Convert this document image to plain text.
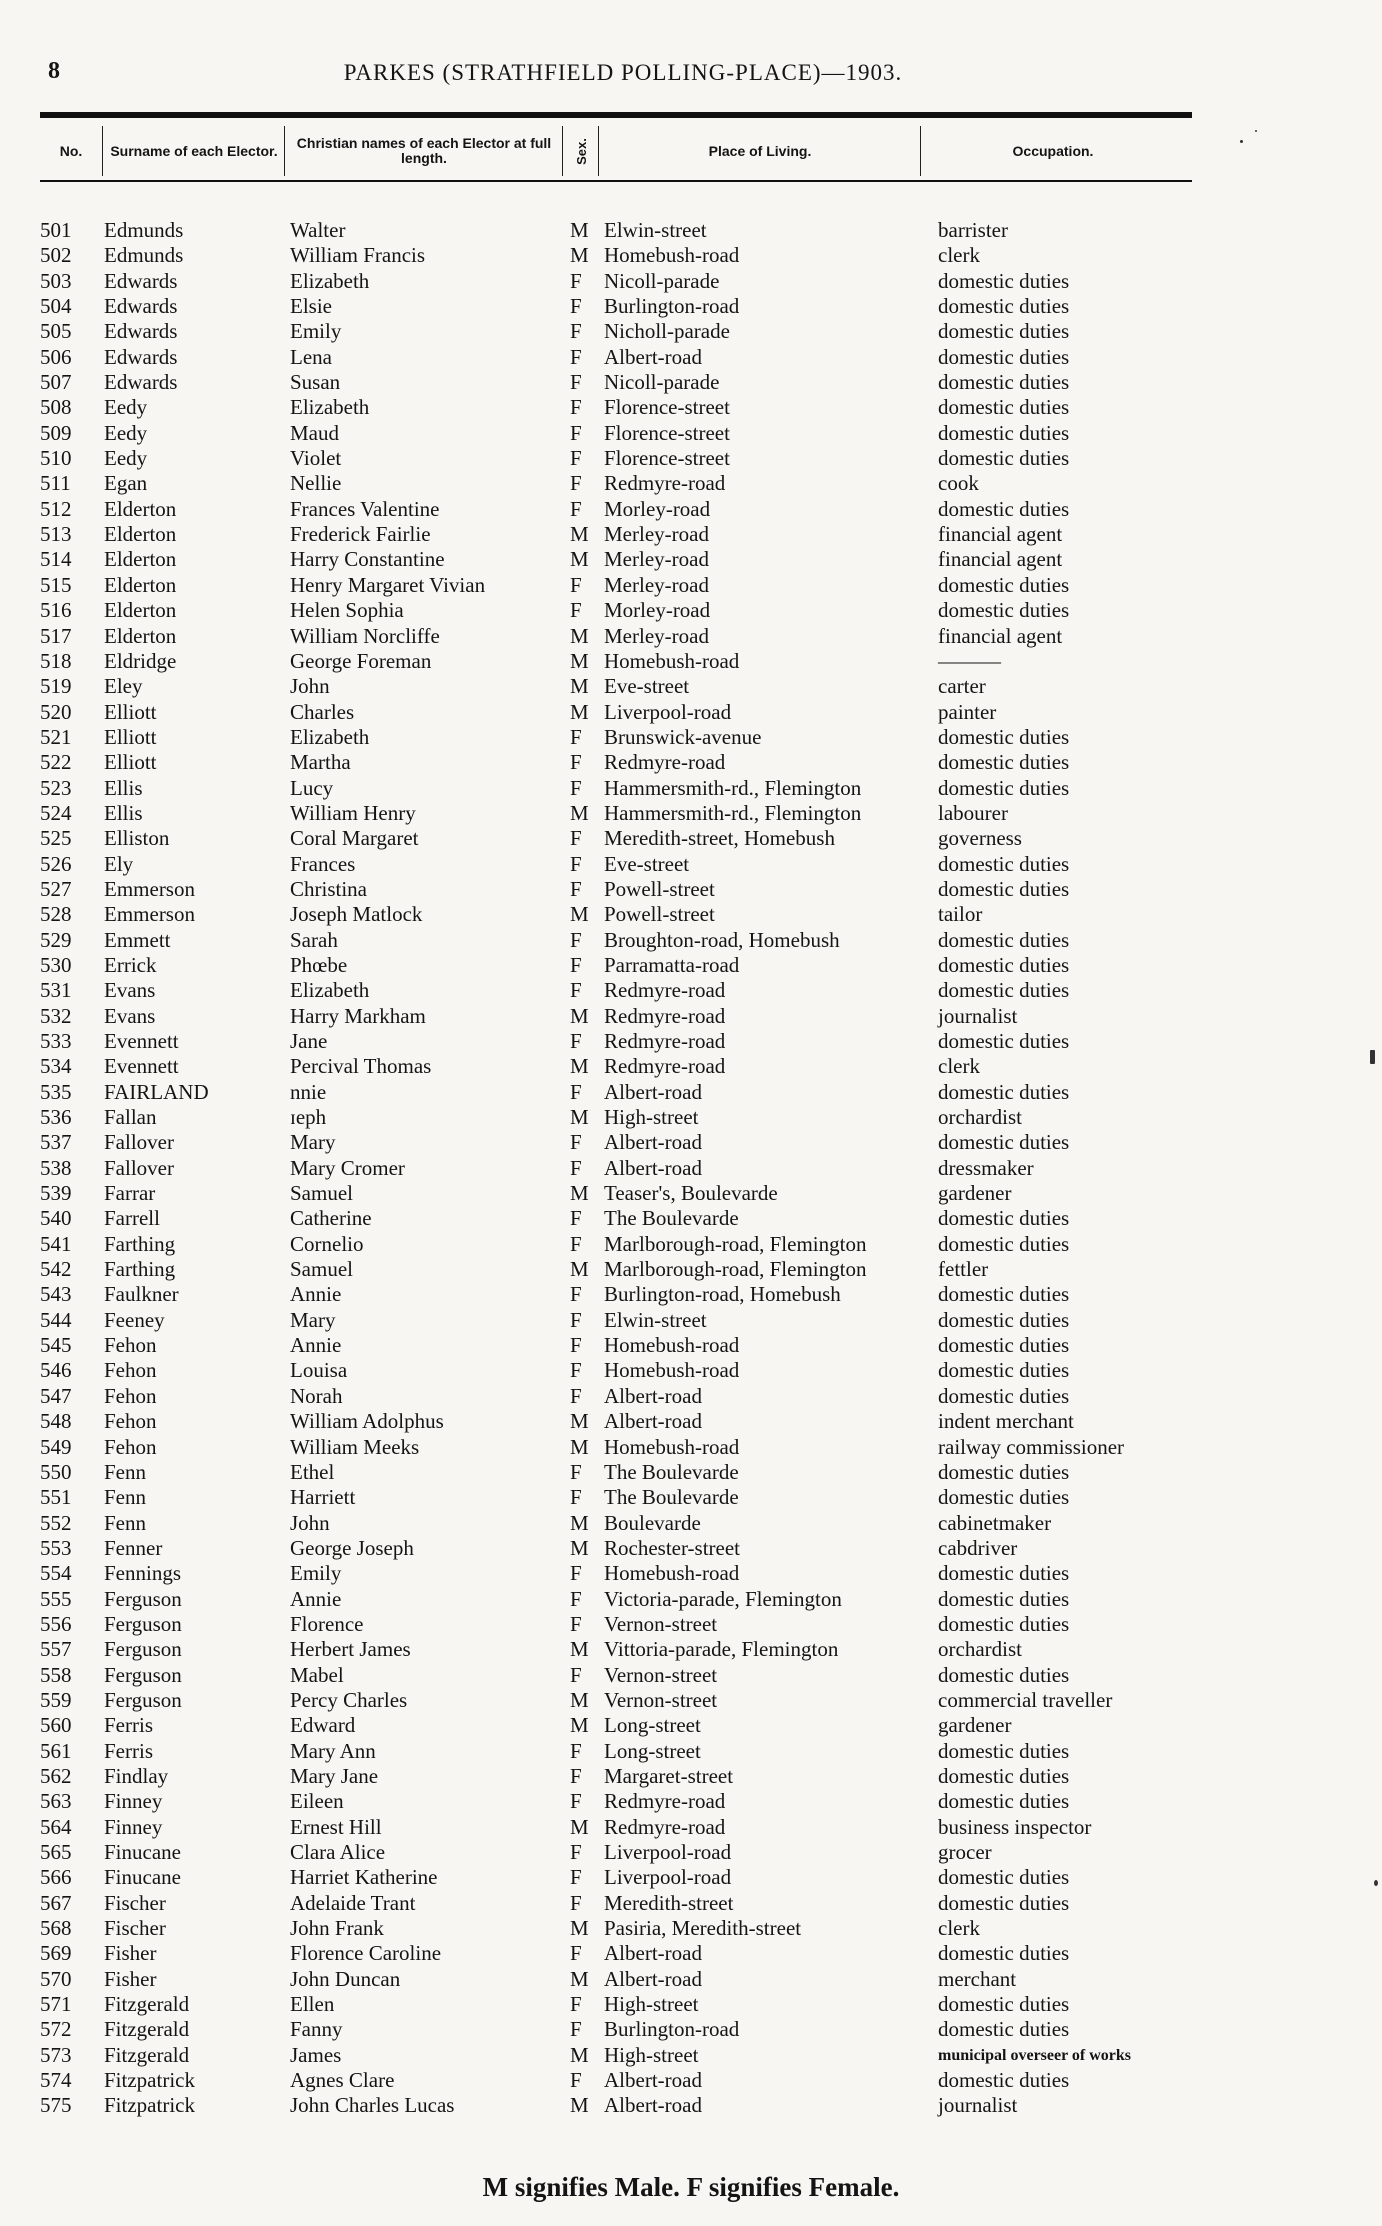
8	PARKES (STRATHFIELD POLLING-PLACE)—1903.
No. Surname of each Elector.	Christian names of each Elector at full length.	Sex.	Place of Living.	Occupation.
501	Edmunds	Walter	M Elwin-street	barrister
502	Edmunds	William Francis	M Homebush-road	clerk
503	Edwards	Elizabeth	F	Nicoll-parade	domestic duties
504	Edwards	Elsie	F	Burlington-road	domestic duties
505	Edwards	Emily	F	Nicholl-parade	domestic duties
506	Edwards	Lena	F	Albert-road	domestic duties
507	Edwards	Susan	F	Nicoll-parade	domestic duties
508	Eedy	Elizabeth	F	Florence-street	domestic duties
509	Eedy	Maud	F	Florence-street	domestic duties
510	Eedy	Violet	F	Florence-street	domestic duties
511	Egan	Nellie	F	Redmyre-road	cook
512	Elderton	Frances Valentine	F	Morley-road	domestic duties
513	Elderton	Frederick Fairlie	M Merley-road	financial agent
514	Elderton	Harry Constantine	M Merley-road	financial agent
515	Elderton	Henry Margaret Vivian	F	Merley-road	domestic duties
516	Elderton	Helen Sophia	F	Morley-road	domestic duties
517	Elderton	William Norcliffe	M Merley-road	financial agent
518	Eldridge	George Foreman	M Homebush-road	———
519	Eley	John	M Eve-street	carter
520	Elliott	Charles	M Liverpool-road	painter
521	Elliott	Elizabeth	F	Brunswick-avenue	domestic duties
522	Elliott	Martha	F	Redmyre-road	domestic duties
523	Ellis	Lucy	F	Hammersmith-rd., Flemington	domestic duties
524	Ellis	William Henry	M Hammersmith-rd., Flemington	labourer
525	Elliston	Coral Margaret	F	Meredith-street, Homebush	governess
526	Ely	Frances	F	Eve-street	domestic duties
527	Emmerson	Christina	F	Powell-street	domestic duties
528	Emmerson	Joseph Matlock	M Powell-street	tailor
529	Emmett	Sarah	F	Broughton-road, Homebush	domestic duties
530	Errick	Phœbe	F	Parramatta-road	domestic duties
531	Evans	Elizabeth	F	Redmyre-road	domestic duties
532	Evans	Harry Markham	M Redmyre-road	journalist
533	Evennett	Jane	F	Redmyre-road	domestic duties
534	Evennett	Percival Thomas	M Redmyre-road	clerk
535	FAIRLAND	nnie	F	Albert-road	domestic duties
536	Fallan	ɪeph	M High-street	orchardist
537	Fallover	Mary	F	Albert-road	domestic duties
538	Fallover	Mary Cromer	F	Albert-road	dressmaker
539	Farrar	Samuel	M Teaser's, Boulevarde	gardener
540	Farrell	Catherine	F	The Boulevarde	domestic duties
541	Farthing	Cornelio	F	Marlborough-road, Flemington	domestic duties
542	Farthing	Samuel	M Marlborough-road, Flemington	fettler
543	Faulkner	Annie	F	Burlington-road, Homebush	domestic duties
544	Feeney	Mary	F	Elwin-street	domestic duties
545	Fehon	Annie	F	Homebush-road	domestic duties
546	Fehon	Louisa	F	Homebush-road	domestic duties
547	Fehon	Norah	F	Albert-road	domestic duties
548	Fehon	William Adolphus	M Albert-road	indent merchant
549	Fehon	William Meeks	M Homebush-road	railway commissioner
550	Fenn	Ethel	F	The Boulevarde	domestic duties
551	Fenn	Harriett	F	The Boulevarde	domestic duties
552	Fenn	John	M Boulevarde	cabinetmaker
553	Fenner	George Joseph	M Rochester-street	cabdriver
554	Fennings	Emily	F	Homebush-road	domestic duties
555	Ferguson	Annie	F	Victoria-parade, Flemington	domestic duties
556	Ferguson	Florence	F	Vernon-street	domestic duties
557	Ferguson	Herbert James	M Vittoria-parade, Flemington	orchardist
558	Ferguson	Mabel	F	Vernon-street	domestic duties
559	Ferguson	Percy Charles	M Vernon-street	commercial traveller
560	Ferris	Edward	M Long-street	gardener
561	Ferris	Mary Ann	F	Long-street	domestic duties
562	Findlay	Mary Jane	F	Margaret-street	domestic duties
563	Finney	Eileen	F	Redmyre-road	domestic duties
564	Finney	Ernest Hill	M Redmyre-road	business inspector
565	Finucane	Clara Alice	F	Liverpool-road	grocer
566	Finucane	Harriet Katherine	F	Liverpool-road	domestic duties
567	Fischer	Adelaide Trant	F	Meredith-street	domestic duties
568	Fischer	John Frank	M Pasiria, Meredith-street	clerk
569	Fisher	Florence Caroline	F	Albert-road	domestic duties
570	Fisher	John Duncan	M Albert-road	merchant
571	Fitzgerald	Ellen	F	High-street	domestic duties
572	Fitzgerald	Fanny	F	Burlington-road	domestic duties
573	Fitzgerald	James	M High-street	municipal overseer of works
574	Fitzpatrick	Agnes Clare	F	Albert-road	domestic duties
575	Fitzpatrick	John Charles Lucas	M Albert-road	journalist
M signifies Male. F signifies Female.
